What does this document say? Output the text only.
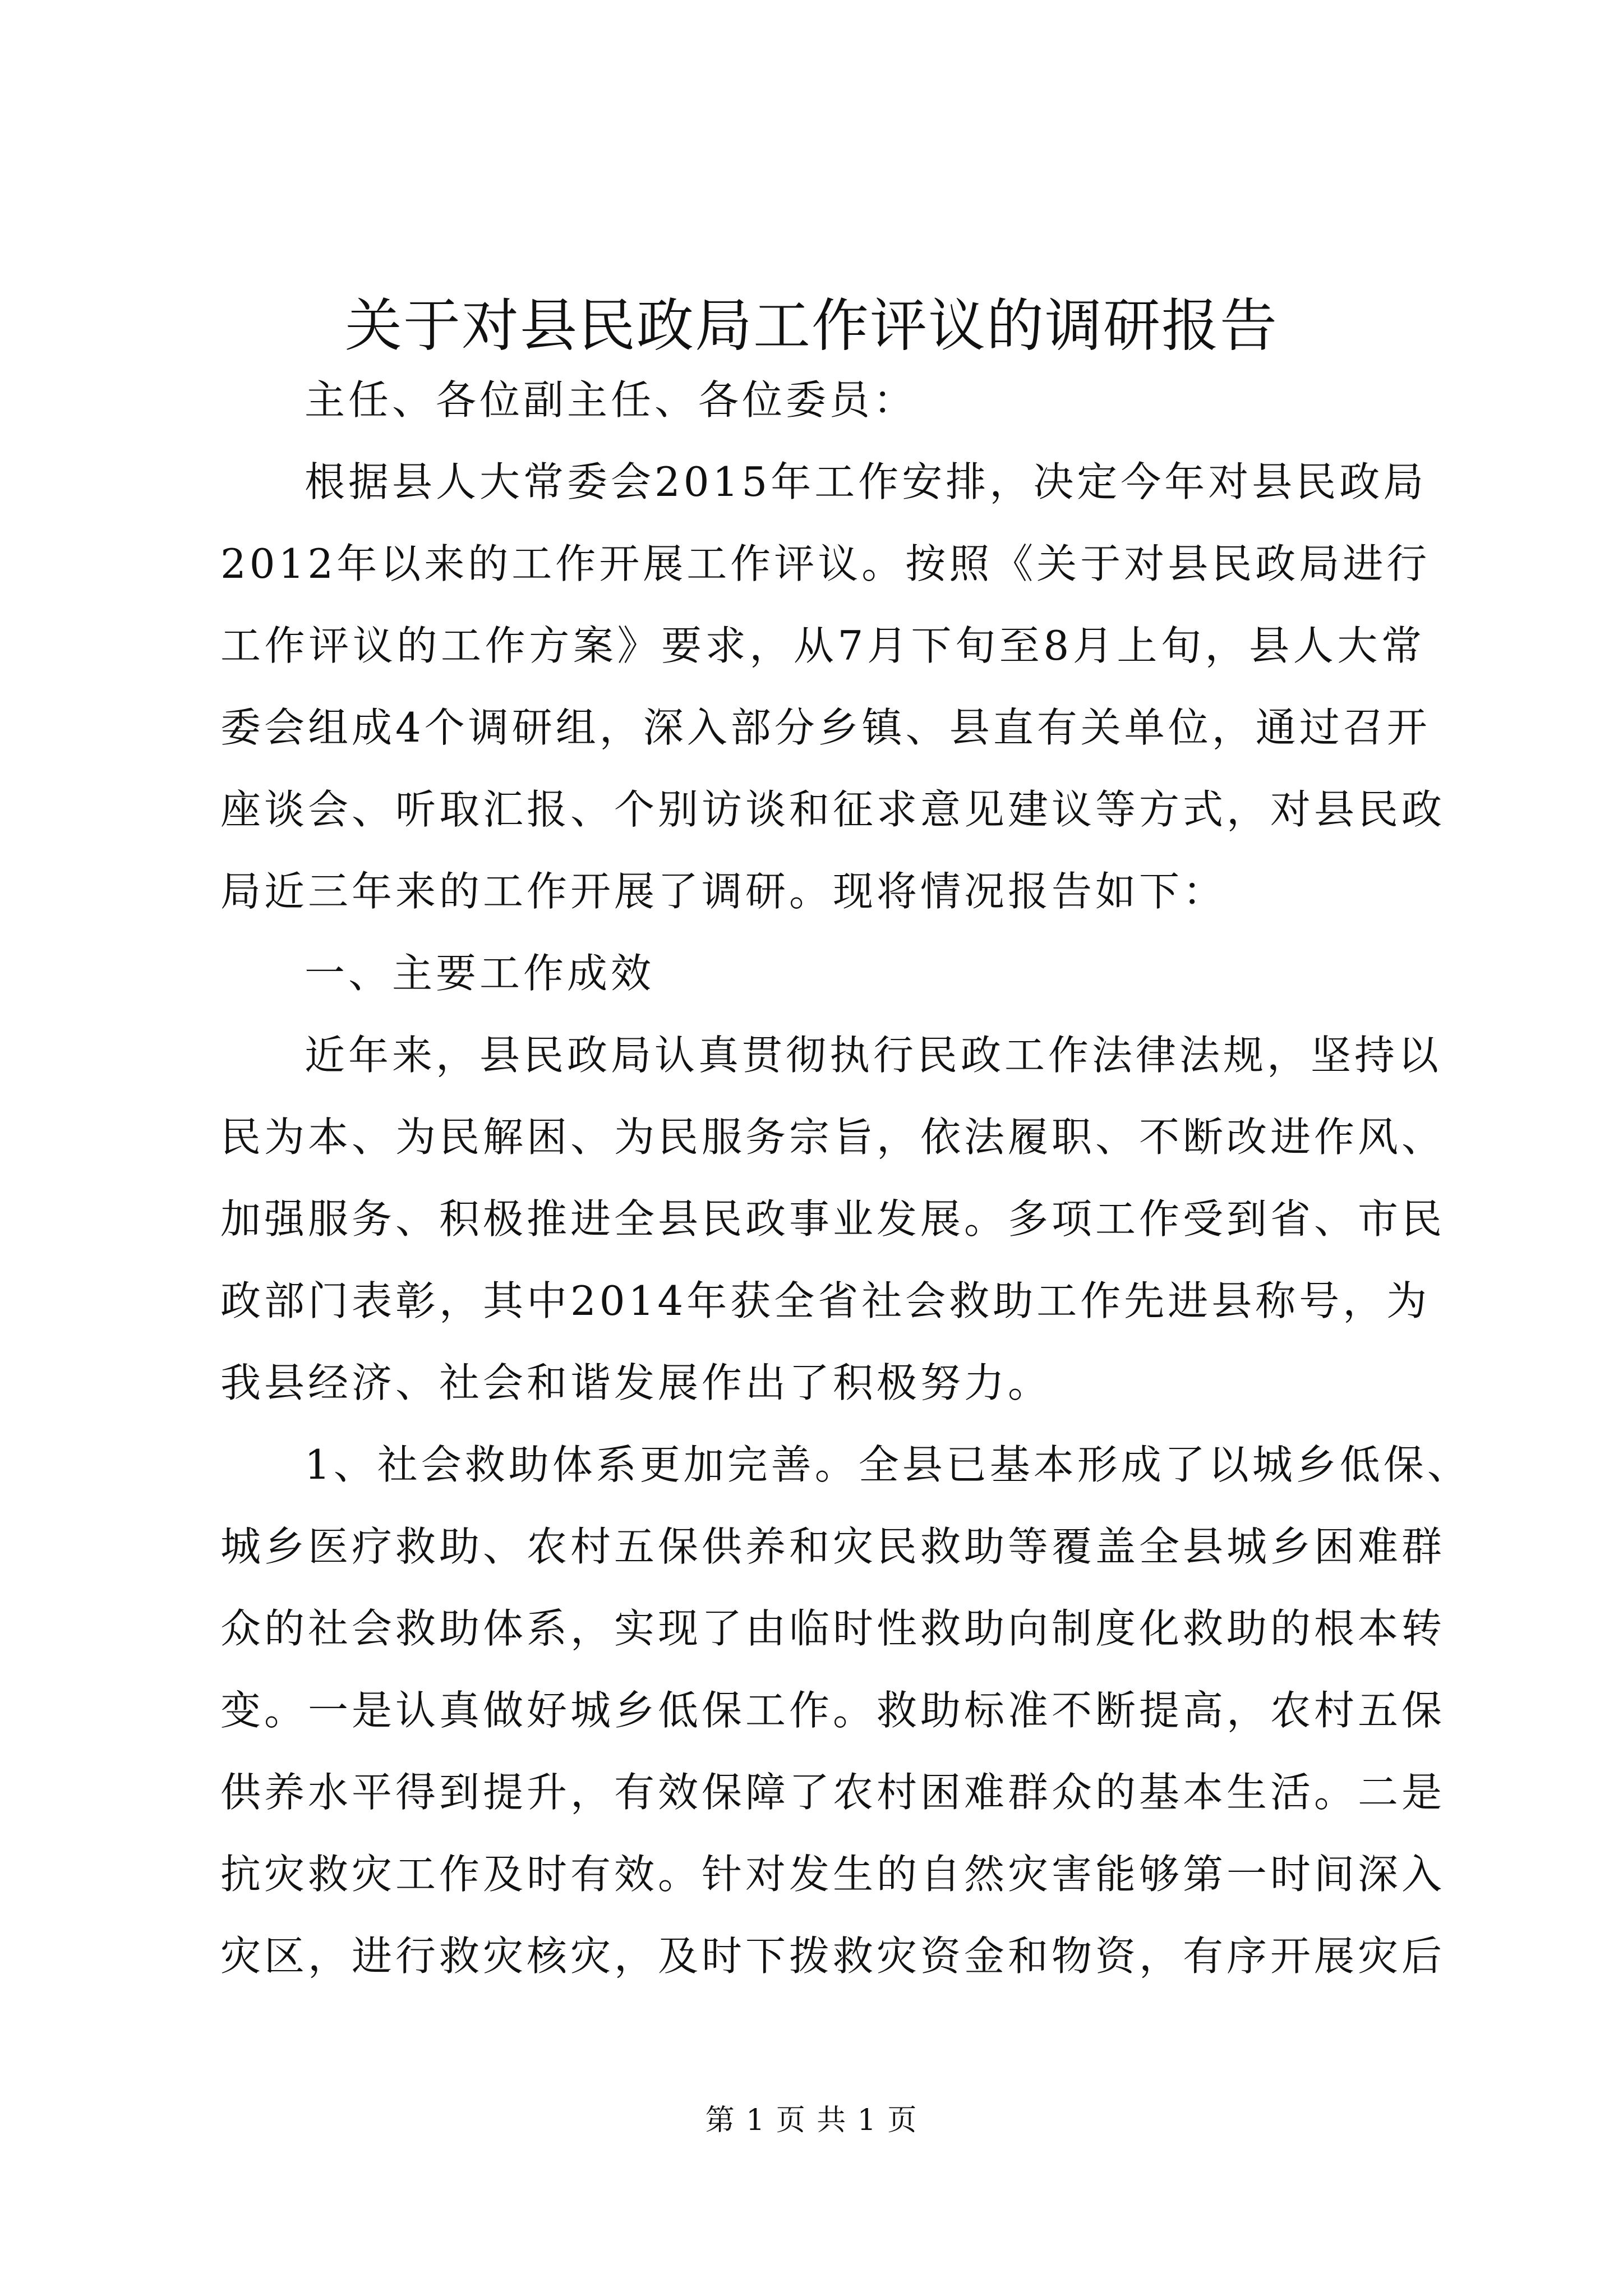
关于对县民政局工作评议的调研报告
主任、各位副主任、各位委员：
根据县人大常委会2015年工作安排，决定今年对县民政局
2012年以来的工作开展工作评议。按照《关于对县民政局进行
工作评议的工作方案》要求，从7月下旬至8月上旬，县人大常
委会组成4个调研组，深入部分乡镇、县直有关单位，通过召开
座谈会、听取汇报、个别访谈和征求意见建议等方式，对县民政
局近三年来的工作开展了调研。现将情况报告如下：
一、主要工作成效
近年来，县民政局认真贯彻执行民政工作法律法规，坚持以
民为本、为民解困、为民服务宗旨，依法履职、不断改进作风、
加强服务、积极推进全县民政事业发展。多项工作受到省、市民
政部门表彰，其中2014年获全省社会救助工作先进县称号，为
我县经济、社会和谐发展作出了积极努力。
1、社会救助体系更加完善。全县已基本形成了以城乡低保、
城乡医疗救助、农村五保供养和灾民救助等覆盖全县城乡困难群
众的社会救助体系，实现了由临时性救助向制度化救助的根本转
变。一是认真做好城乡低保工作。救助标准不断提高，农村五保
供养水平得到提升，有效保障了农村困难群众的基本生活。二是
抗灾救灾工作及时有效。针对发生的自然灾害能够第一时间深入
灾区，进行救灾核灾，及时下拨救灾资金和物资，有序开展灾后
第 1 页 共 1 页
